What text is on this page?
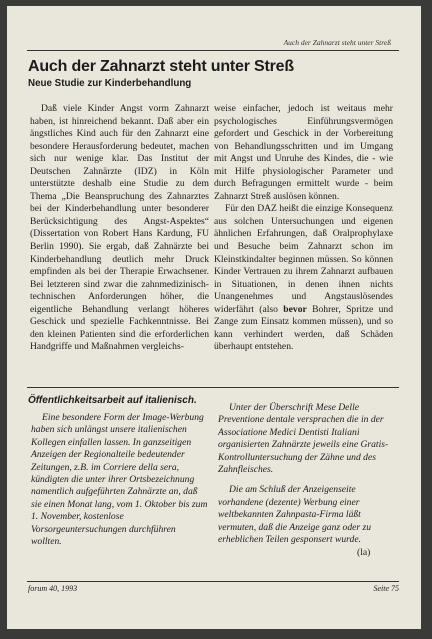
Auch der Zahnarzt steht unter Streß
Auch der Zahnarzt steht unter Streß
Neue Studie zur Kinderbehandlung

Daß viele Kinder Angst vorm Zahnarzt haben, ist hinreichend bekannt. Daß aber ein ängstliches Kind auch für den Zahnarzt eine besondere Herausforderung bedeutet, machen sich nur wenige klar. Das Institut der Deutschen Zahnärzte (IDZ) in Köln unterstützte deshalb eine Studie zu dem Thema „Die Beanspruchung des Zahnarztes bei der Kinderbehandlung unter besonderer Berücksichtigung des Angst-Aspektes“ (Dissertation von Robert Hans Kardung, FU Berlin 1990). Sie ergab, daß Zahnärzte bei Kinderbehandlung deutlich mehr Druck empfinden als bei der Therapie Erwachsener. Bei letzteren sind zwar die zahnmedizinisch-technischen Anforderungen höher, die eigentliche Behandlung verlangt höheres Geschick und spezielle Fachkenntnisse. Bei den kleinen Patienten sind die erforderlichen Handgriffe und Maßnahmen vergleichs-

weise einfacher, jedoch ist weitaus mehr psychologisches Einführungsvermögen gefordert und Geschick in der Vorbereitung von Behandlungsschritten und im Umgang mit Angst und Unruhe des Kindes, die - wie mit Hilfe physiologischer Parameter und durch Befragungen ermittelt wurde - beim Zahnarzt Streß auslösen können.

Für den DAZ heißt die einzige Konsequenz aus solchen Untersuchungen und eigenen ähnlichen Erfahrungen, daß Oralprophylaxe und Besuche beim Zahnarzt schon im Kleinstkindalter beginnen müssen. So können Kinder Vertrauen zu ihrem Zahnarzt aufbauen in Situationen, in denen ihnen nichts Unangenehmes und Angstauslösendes widerfährt (also bevor Bohrer, Spritze und Zange zum Einsatz kommen müssen), und so kann verhindert werden, daß Schäden überhaupt entstehen.

Öffentlichkeitsarbeit auf italienisch.

Eine besondere Form der Image-Werbung haben sich unlängst unsere italienischen Kollegen einfallen lassen. In ganzseitigen Anzeigen der Regionalteile bedeutender Zeitungen, z.B. im Corriere della sera, kündigten die unter ihrer Ortsbezeichnung namentlich aufgeführten Zahnärzte an, daß sie einen Monat lang, vom 1. Oktober bis zum 1. November, kostenlose Vorsorgeuntersuchungen durchführen wollten.

Unter der Überschrift Mese Delle Preventione dentale versprachen die in der Associatione Medici Dentisti Italiani organisierten Zahnärzte jeweils eine Gratis-Kontrolluntersuchung der Zähne und des Zahnfleisches.

Die am Schluß der Anzeigenseite vorhandene (dezente) Werbung einer weltbekannten Zahnpasta-Firma läßt vermuten, daß die Anzeige ganz oder zu erheblichen Teilen gesponsert wurde.

(la)
forum 40, 1993	Seite 75
